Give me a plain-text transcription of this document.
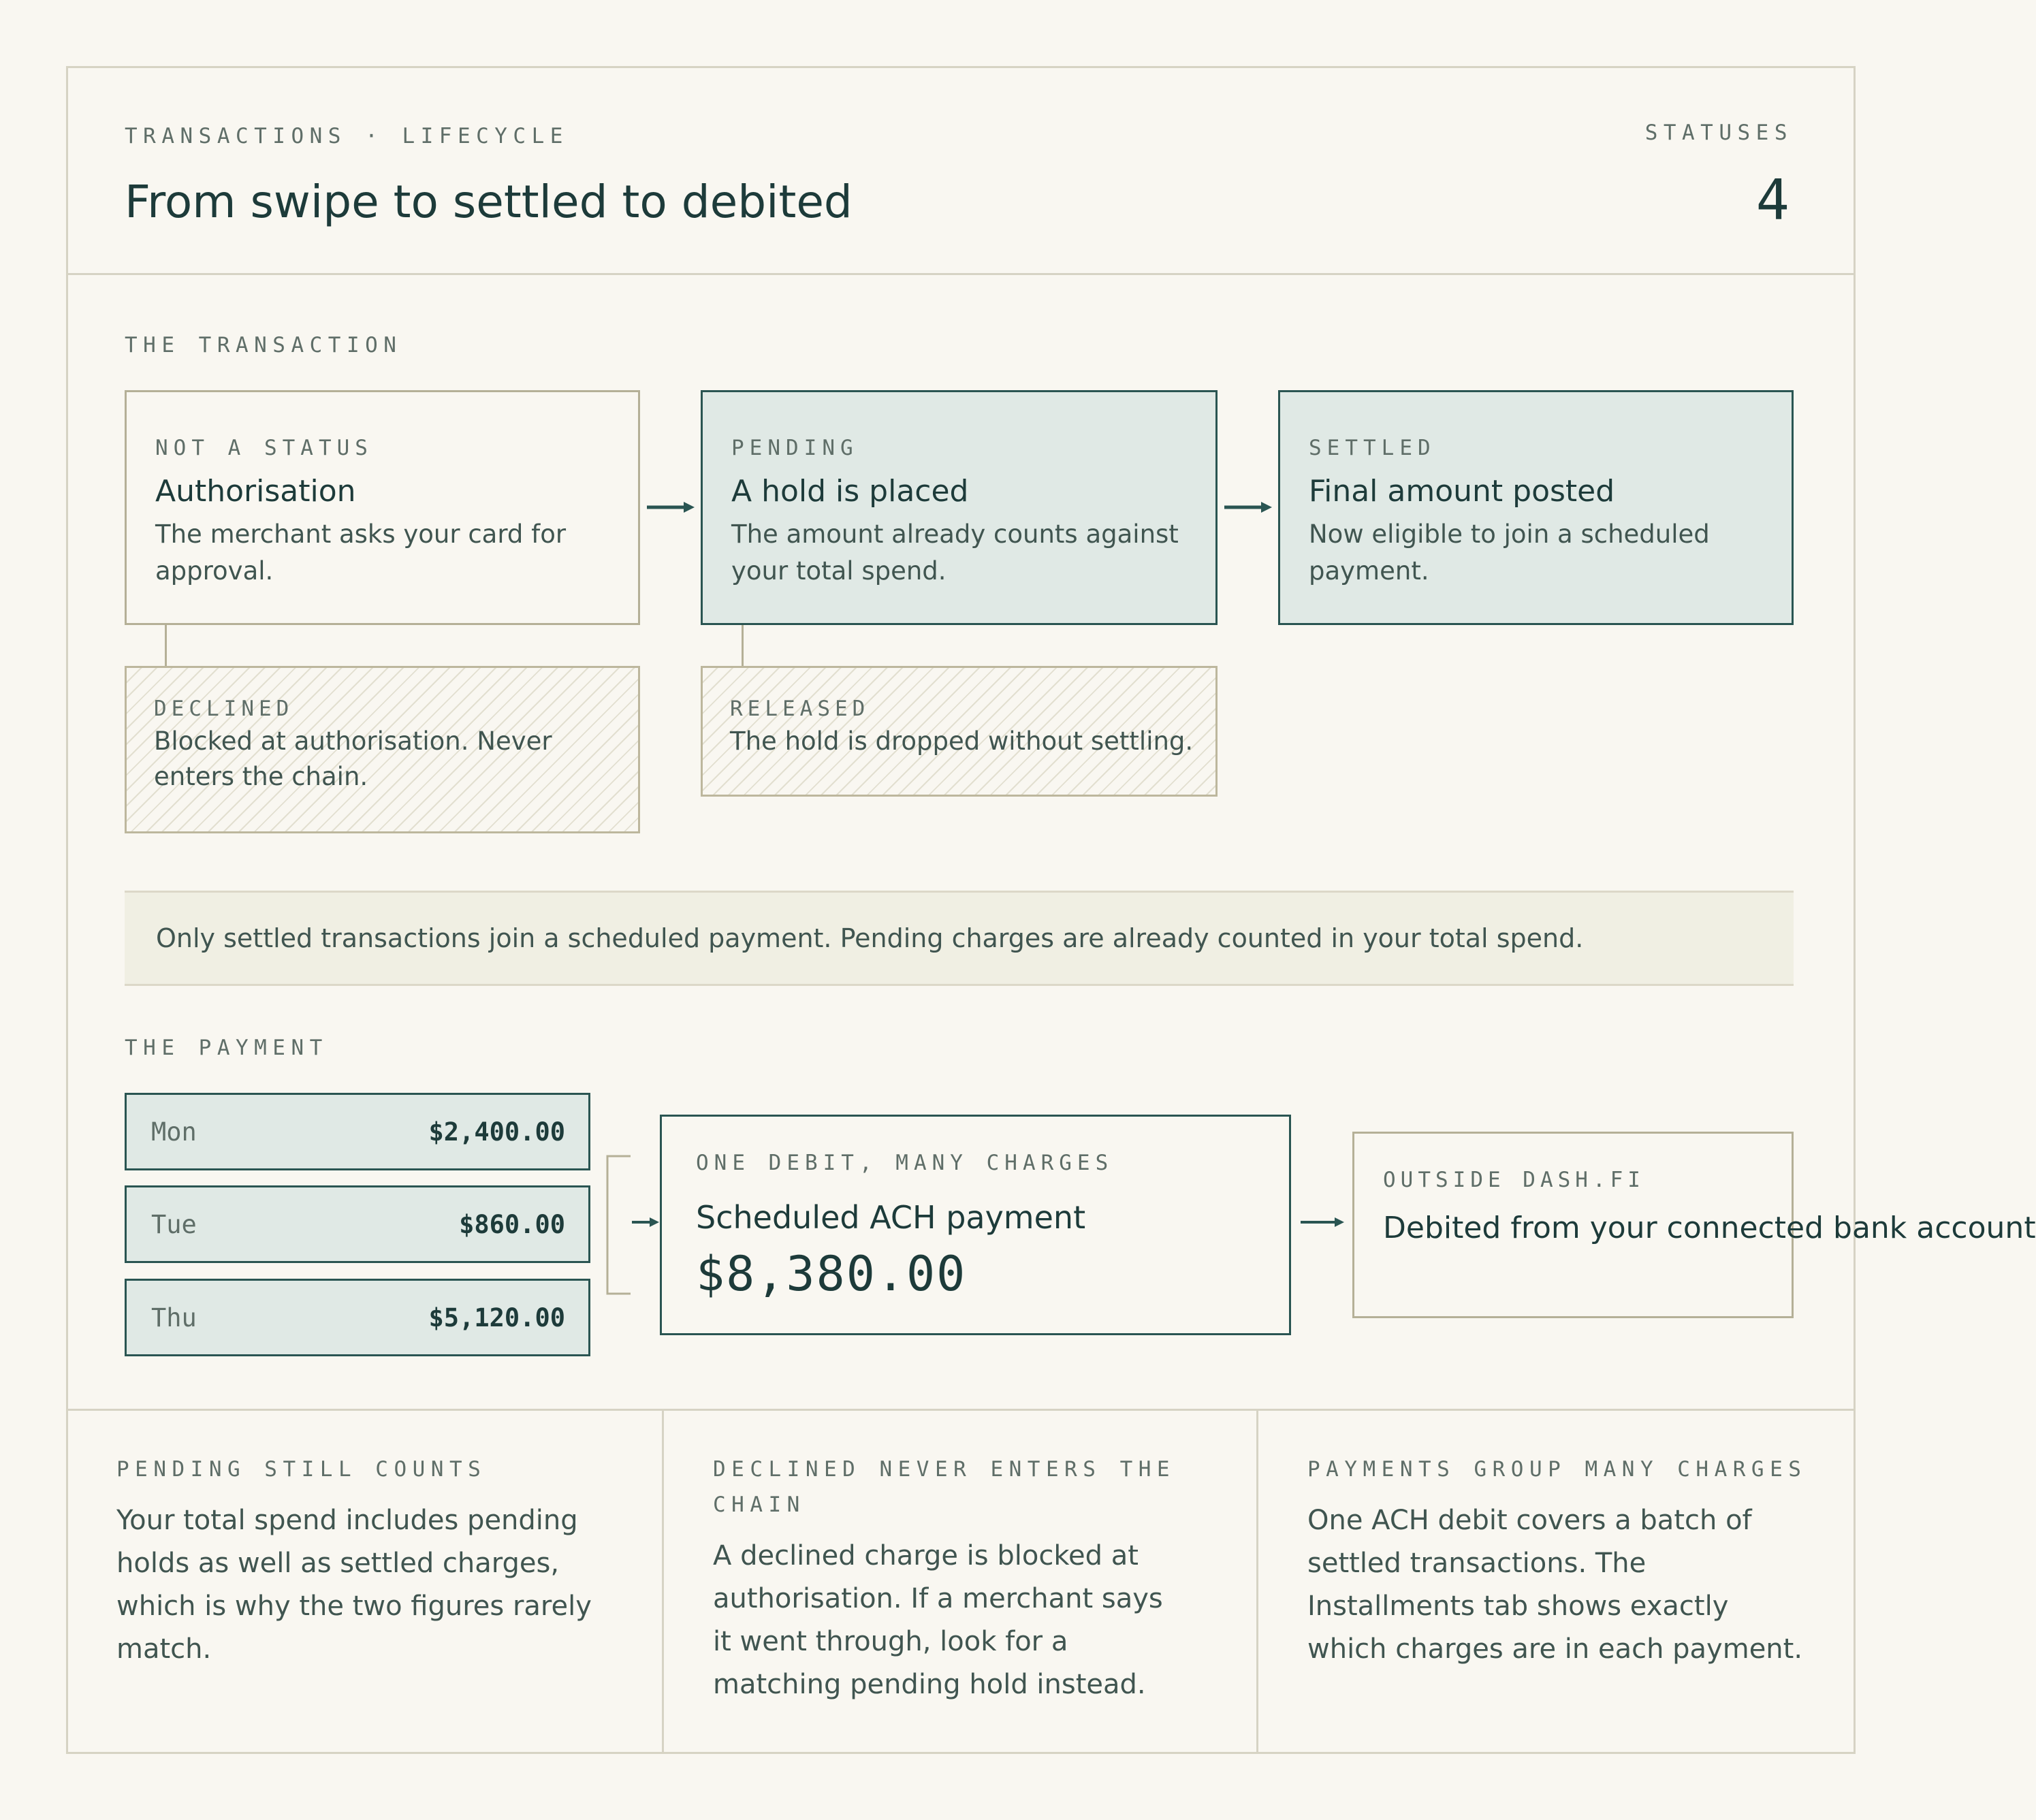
TRANSACTIONS · LIFECYCLE
From swipe to settled to debited
STATUSES
4
THE TRANSACTION
NOT A STATUS
Authorisation
The merchant asks your card for approval.
PENDING
A hold is placed
The amount already counts against your total spend.
SETTLED
Final amount posted
Now eligible to join a scheduled payment.
DECLINED
Blocked at authorisation. Never enters the chain.
RELEASED
The hold is dropped without settling.
Only settled transactions join a scheduled payment. Pending charges are already counted in your total spend.
THE PAYMENT
Mon	$2,400.00
Tue	$860.00
Thu	$5,120.00
ONE DEBIT, MANY CHARGES
Scheduled ACH payment
$8,380.00
OUTSIDE DASH.FI
Debited from your connected bank account
PENDING STILL COUNTS
Your total spend includes pending holds as well as settled charges, which is why the two figures rarely match.
DECLINED NEVER ENTERS THE CHAIN
A declined charge is blocked at authorisation. If a merchant says it went through, look for a matching pending hold instead.
PAYMENTS GROUP MANY CHARGES
One ACH debit covers a batch of settled transactions. The Installments tab shows exactly which charges are in each payment.
